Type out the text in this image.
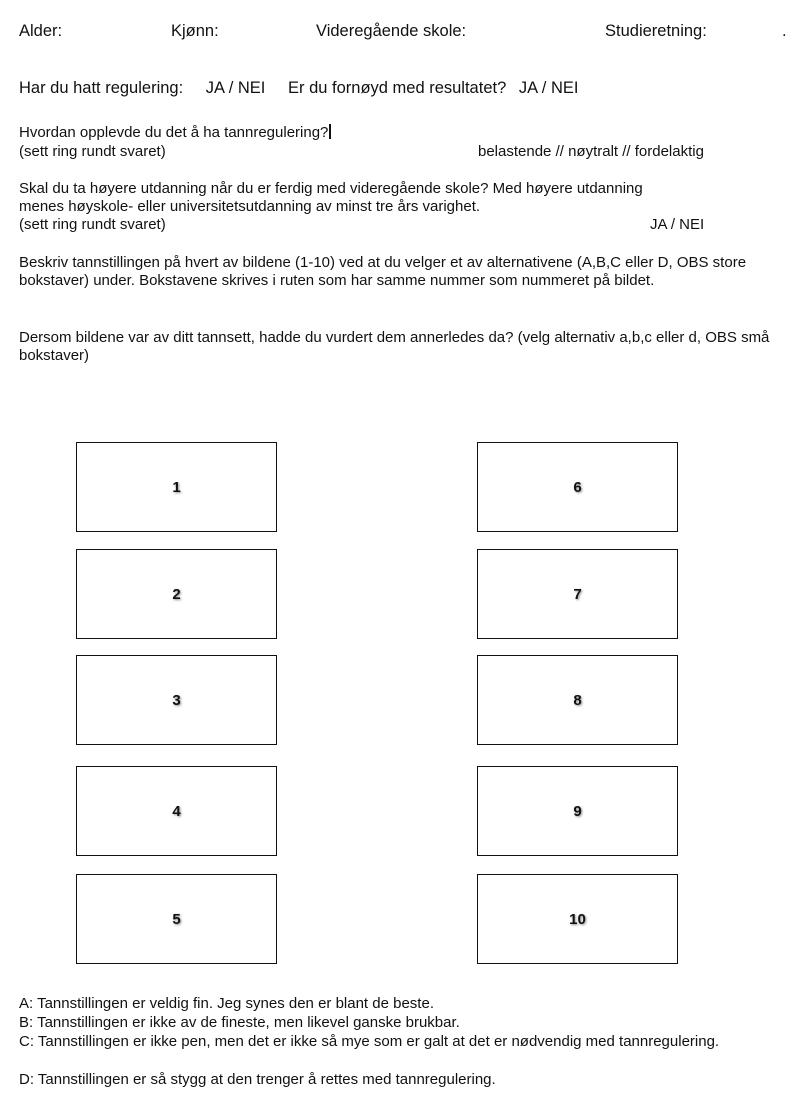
Alder:	Kjønn:	Videregående skole:	Studieretning:	.
Har du hatt regulering: JA / NEI Er du fornøyd med resultatet? JA / NEI
Hvordan opplevde du det å ha tannregulering?
(sett ring rundt svaret)	belastende // nøytralt // fordelaktig
Skal du ta høyere utdanning når du er ferdig med videregående skole? Med høyere utdanning
menes høyskole- eller universitetsutdanning av minst tre års varighet.
(sett ring rundt svaret)	JA / NEI
Beskriv tannstillingen på hvert av bildene (1-10) ved at du velger et av alternativene (A,B,C eller D, OBS store bokstaver) under. Bokstavene skrives i ruten som har samme nummer som nummeret på bildet.
Dersom bildene var av ditt tannsett, hadde du vurdert dem annerledes da? (velg alternativ a,b,c eller d, OBS små bokstaver)
1
2
3
4
5
6
7
8
9
10
A: Tannstillingen er veldig fin. Jeg synes den er blant de beste.
B: Tannstillingen er ikke av de fineste, men likevel ganske brukbar.
C: Tannstillingen er ikke pen, men det er ikke så mye som er galt at det er nødvendig med tannregulering.
D: Tannstillingen er så stygg at den trenger å rettes med tannregulering.
